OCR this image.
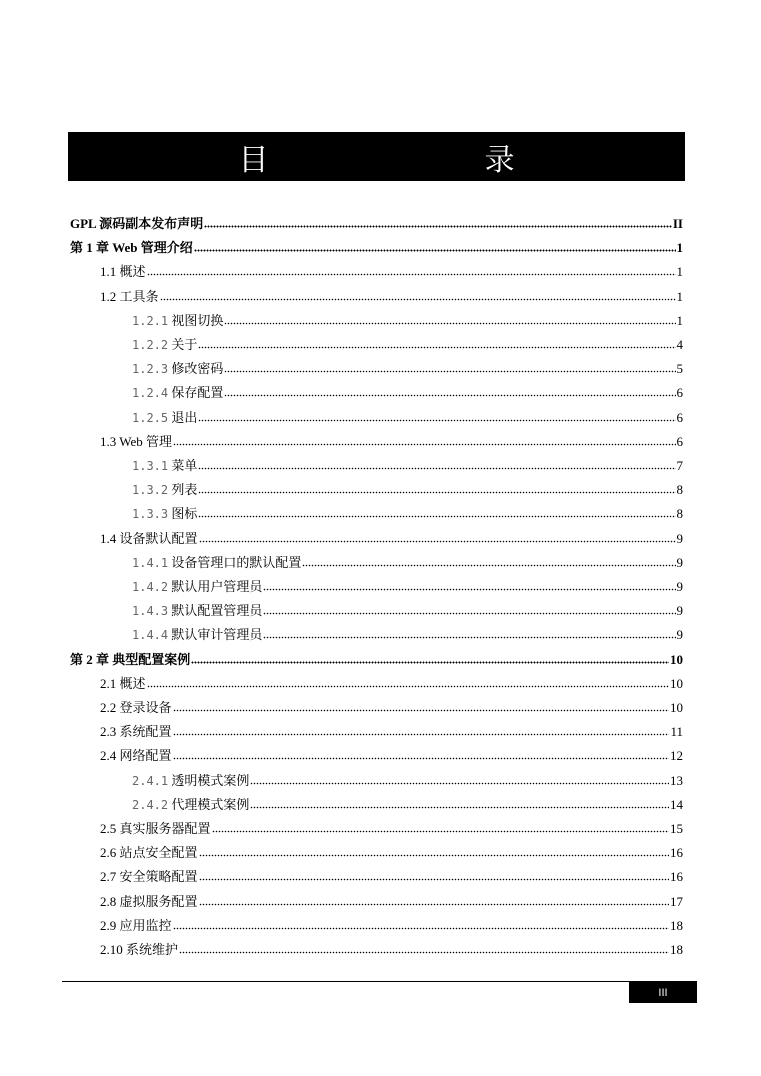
目　　录
GPL 源码副本发布声明	II
第 1 章 Web 管理介绍	1
1.1 概述	1
1.2 工具条	1
1.2.1 视图切换	1
1.2.2 关于	4
1.2.3 修改密码	5
1.2.4 保存配置	6
1.2.5 退出	6
1.3 Web 管理	6
1.3.1 菜单	7
1.3.2 列表	8
1.3.3 图标	8
1.4 设备默认配置	9
1.4.1 设备管理口的默认配置	9
1.4.2 默认用户管理员	9
1.4.3 默认配置管理员	9
1.4.4 默认审计管理员	9
第 2 章 典型配置案例	10
2.1 概述	10
2.2 登录设备	10
2.3 系统配置	11
2.4 网络配置	12
2.4.1 透明模式案例	13
2.4.2 代理模式案例	14
2.5 真实服务器配置	15
2.6 站点安全配置	16
2.7 安全策略配置	16
2.8 虚拟服务配置	17
2.9 应用监控	18
2.10 系统维护	18
III
